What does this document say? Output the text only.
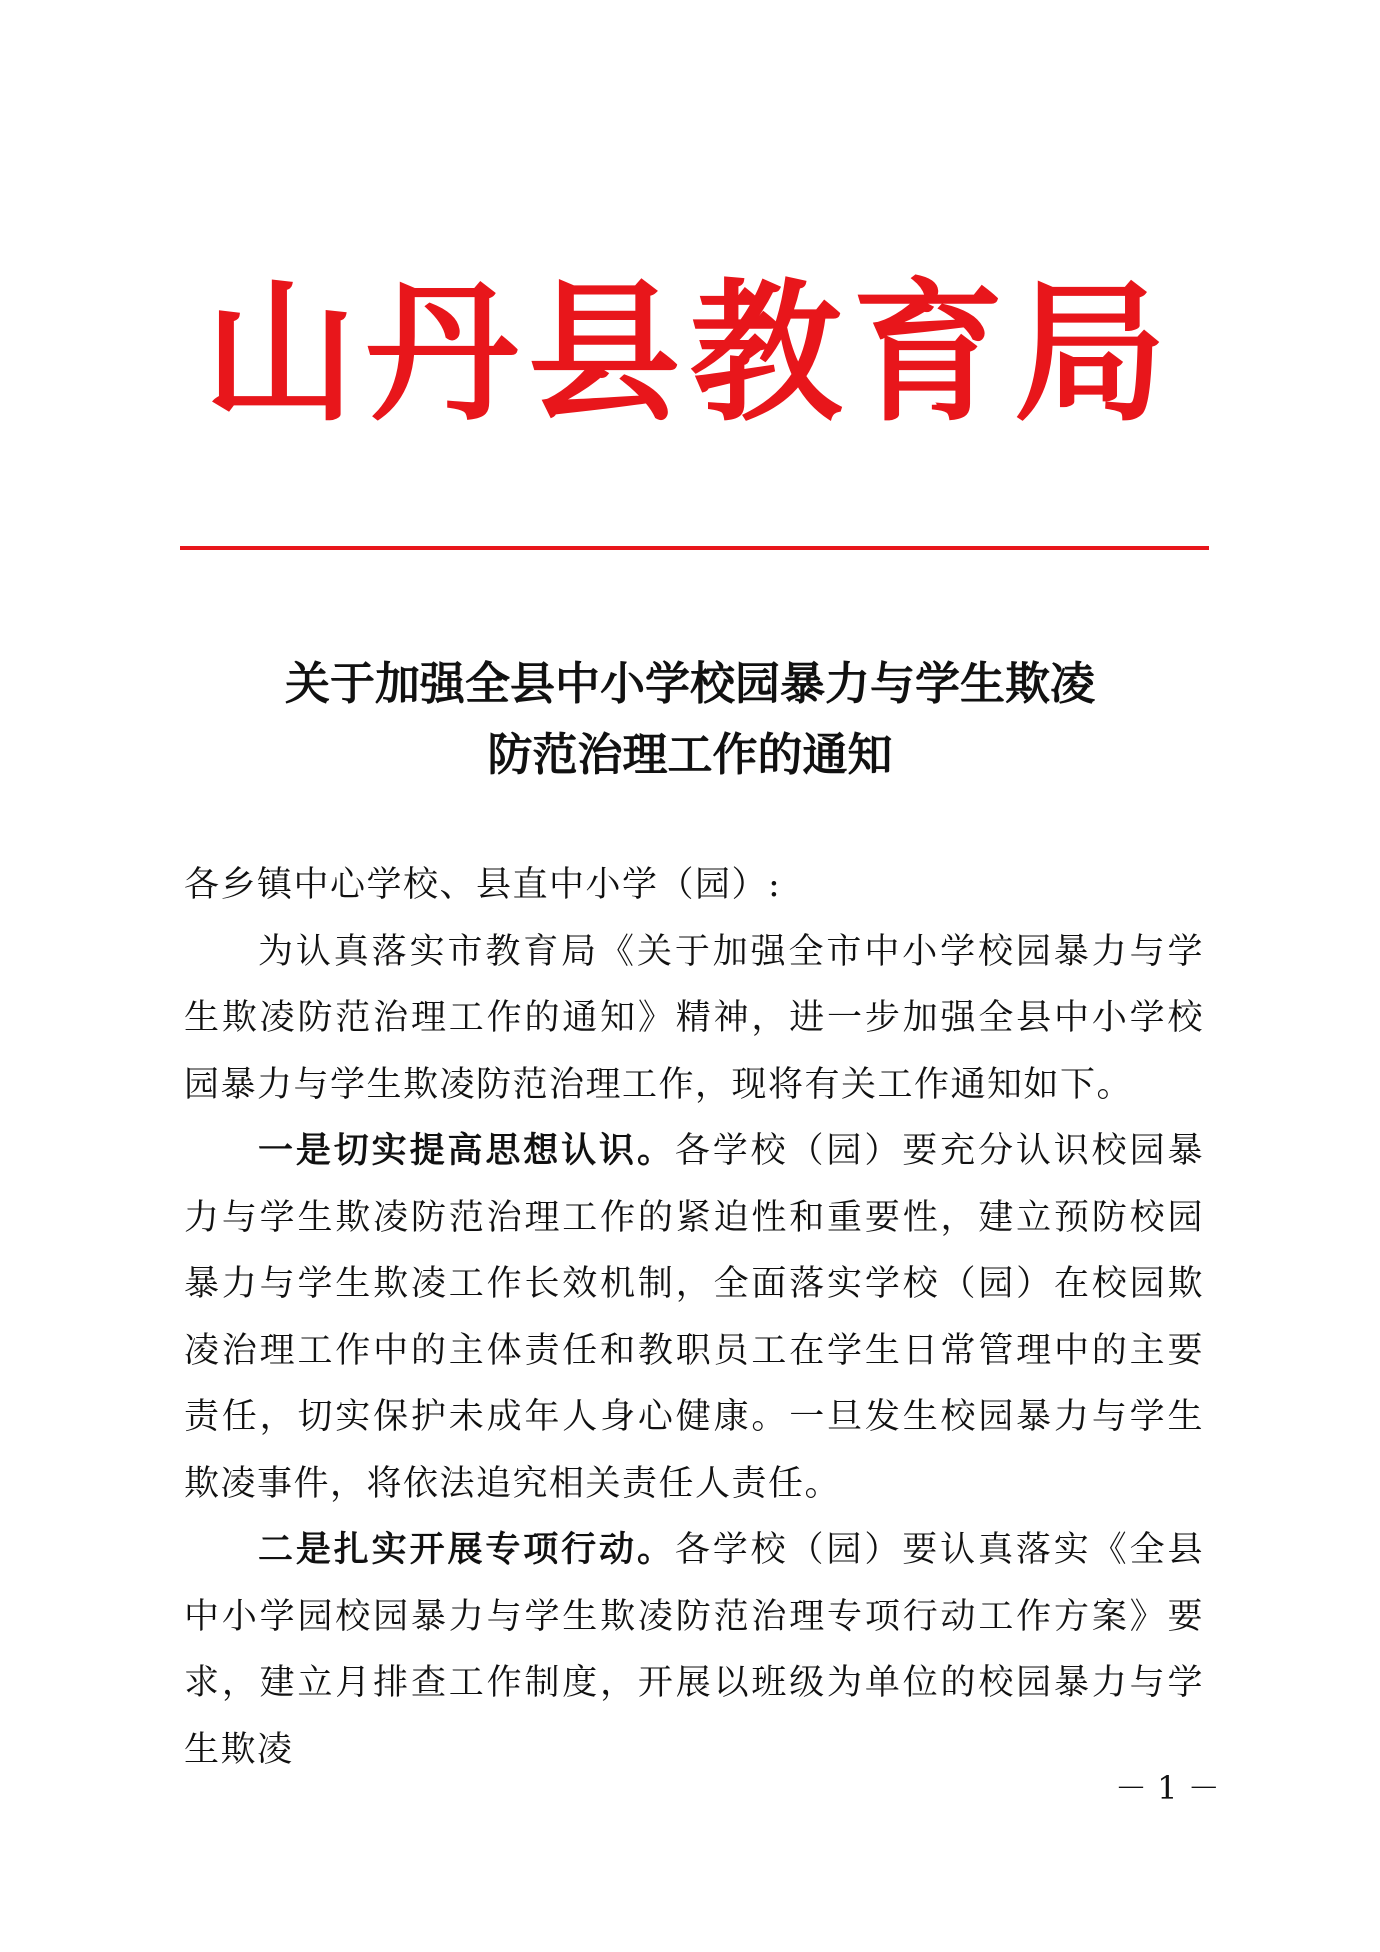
山丹县教育局
关于加强全县中小学校园暴力与学生欺凌
防范治理工作的通知

各乡镇中心学校、县直中小学（园）:

为认真落实市教育局《关于加强全市中小学校园暴力与学生欺凌防范治理工作的通知》精神，进一步加强全县中小学校园暴力与学生欺凌防范治理工作，现将有关工作通知如下。

一是切实提高思想认识。各学校（园）要充分认识校园暴力与学生欺凌防范治理工作的紧迫性和重要性，建立预防校园暴力与学生欺凌工作长效机制，全面落实学校（园）在校园欺凌治理工作中的主体责任和教职员工在学生日常管理中的主要责任，切实保护未成年人身心健康。一旦发生校园暴力与学生欺凌事件，将依法追究相关责任人责任。

二是扎实开展专项行动。各学校（园）要认真落实《全县中小学园校园暴力与学生欺凌防范治理专项行动工作方案》要求，建立月排查工作制度，开展以班级为单位的校园暴力与学生欺凌

－ 1 －
